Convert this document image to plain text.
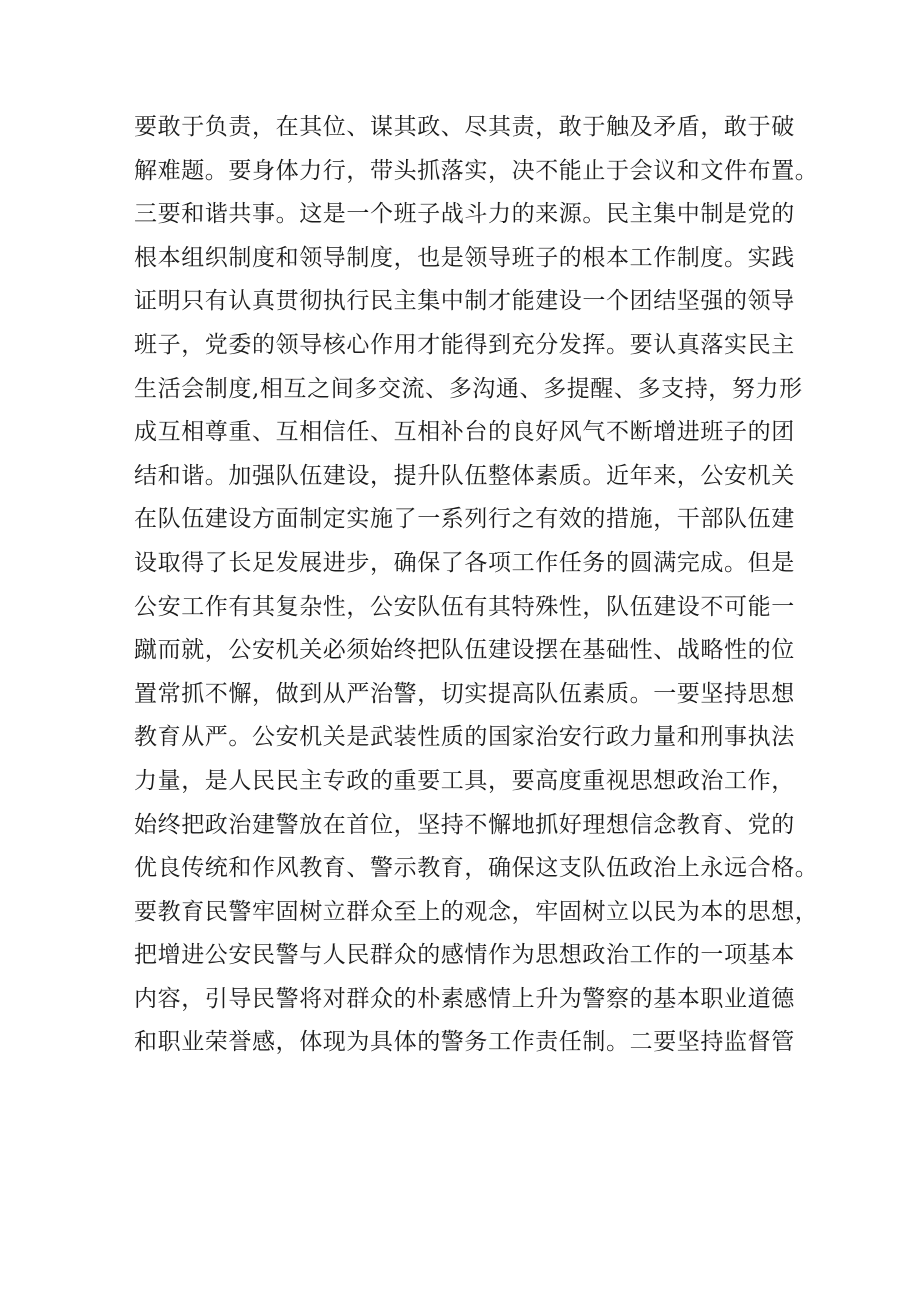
要敢于负责，在其位、谋其政、尽其责，敢于触及矛盾，敢于破
解难题。要身体力行，带头抓落实，决不能止于会议和文件布置。
三要和谐共事。这是一个班子战斗力的来源。民主集中制是党的
根本组织制度和领导制度，也是领导班子的根本工作制度。实践
证明只有认真贯彻执行民主集中制才能建设一个团结坚强的领导
班子，党委的领导核心作用才能得到充分发挥。要认真落实民主
生活会制度,相互之间多交流、多沟通、多提醒、多支持，努力形
成互相尊重、互相信任、互相补台的良好风气不断增进班子的团
结和谐。加强队伍建设，提升队伍整体素质。近年来，公安机关
在队伍建设方面制定实施了一系列行之有效的措施，干部队伍建
设取得了长足发展进步，确保了各项工作任务的圆满完成。但是
公安工作有其复杂性，公安队伍有其特殊性，队伍建设不可能一
蹴而就，公安机关必须始终把队伍建设摆在基础性、战略性的位
置常抓不懈，做到从严治警，切实提高队伍素质。一要坚持思想
教育从严。公安机关是武装性质的国家治安行政力量和刑事执法
力量，是人民民主专政的重要工具，要高度重视思想政治工作，
始终把政治建警放在首位，坚持不懈地抓好理想信念教育、党的
优良传统和作风教育、警示教育，确保这支队伍政治上永远合格。
要教育民警牢固树立群众至上的观念，牢固树立以民为本的思想，
把增进公安民警与人民群众的感情作为思想政治工作的一项基本
内容，引导民警将对群众的朴素感情上升为警察的基本职业道德
和职业荣誉感，体现为具体的警务工作责任制。二要坚持监督管
